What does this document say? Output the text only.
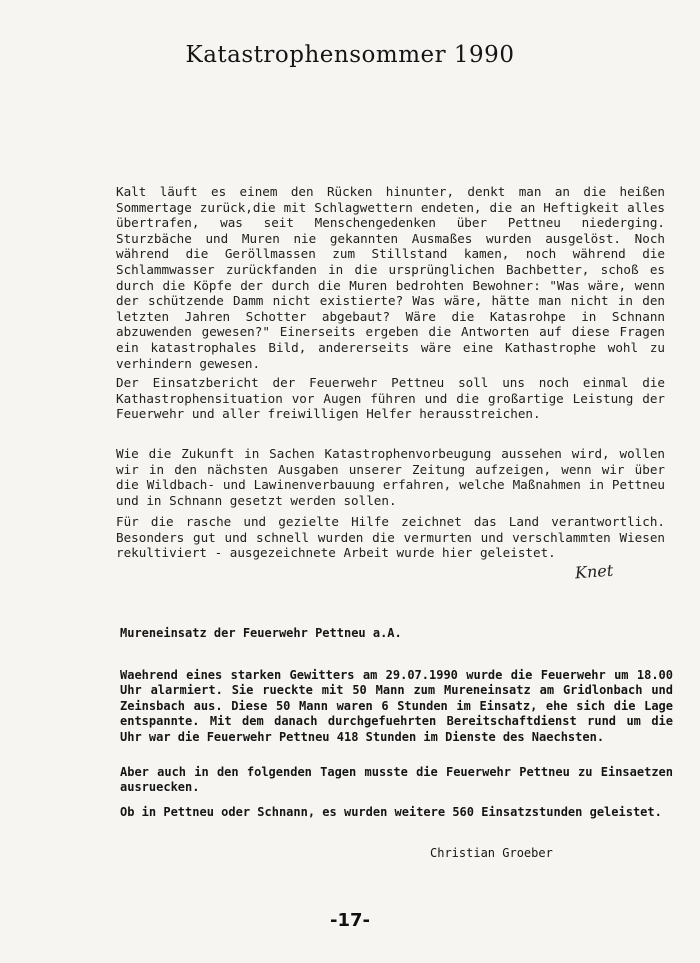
Katastrophensommer 1990

Kalt läuft es einem den Rücken hinunter, denkt man an die heißen Sommertage zurück,die mit Schlagwettern endeten, die an Heftigkeit alles übertrafen, was seit Menschengedenken über Pettneu niederging. Sturzbäche und Muren nie gekannten Ausmaßes wurden ausgelöst. Noch während die Geröllmassen zum Stillstand kamen, noch während die Schlammwasser zurückfanden in die ursprünglichen Bachbetter, schoß es durch die Köpfe der durch die Muren bedrohten Bewohner: "Was wäre, wenn der schützende Damm nicht existierte? Was wäre, hätte man nicht in den letzten Jahren Schotter abgebaut? Wäre die Katasrohpe in Schnann abzuwenden gewesen?" Einerseits ergeben die Antworten auf diese Fragen ein katastrophales Bild, andererseits wäre eine Kathastrophe wohl zu verhindern gewesen.

Der Einsatzbericht der Feuerwehr Pettneu soll uns noch einmal die Kathastrophensituation vor Augen führen und die großartige Leistung der Feuerwehr und aller freiwilligen Helfer herausstreichen.

Wie die Zukunft in Sachen Katastrophenvorbeugung aussehen wird, wollen wir in den nächsten Ausgaben unserer Zeitung aufzeigen, wenn wir über die Wildbach- und Lawinenverbauung erfahren, welche Maßnahmen in Pettneu und in Schnann gesetzt werden sollen.

Für die rasche und gezielte Hilfe zeichnet das Land verantwortlich. Besonders gut und schnell wurden die vermurten und verschlammten Wiesen rekultiviert - ausgezeichnete Arbeit wurde hier geleistet.

Knet

Mureneinsatz der Feuerwehr Pettneu a.A.

Waehrend eines starken Gewitters am 29.07.1990 wurde die Feuerwehr um 18.00 Uhr alarmiert. Sie rueckte mit 50 Mann zum Mureneinsatz am Gridlonbach und Zeinsbach aus. Diese 50 Mann waren 6 Stunden im Einsatz, ehe sich die Lage entspannte. Mit dem danach durchgefuehrten Bereitschaftdienst rund um die Uhr war die Feuerwehr Pettneu 418 Stunden im Dienste des Naechsten.

Aber auch in den folgenden Tagen musste die Feuerwehr Pettneu zu Einsaetzen ausruecken.

Ob in Pettneu oder Schnann, es wurden weitere 560 Einsatzstunden geleistet.

Christian Groeber
-17-
